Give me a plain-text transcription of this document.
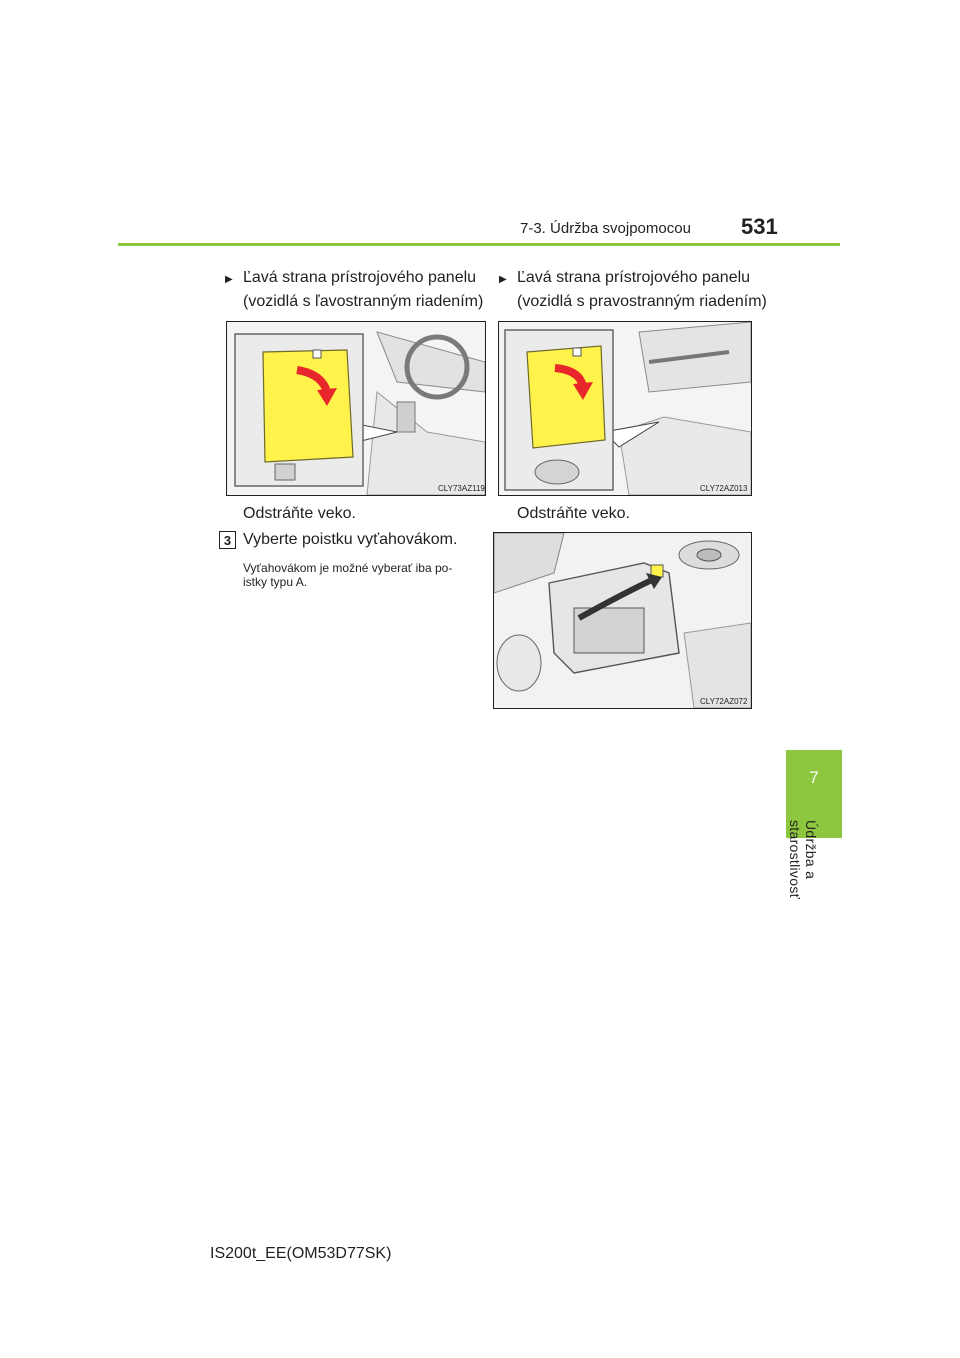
7-3. Údržba svojpomocou 531
7
Údržba a starostlivosť
▶ Ľavá strana prístrojového panelu
(vozidlá s ľavostranným riadením)
▶ Ľavá strana prístrojového panelu
(vozidlá s pravostranným riadením)
CLY73AZ119	CLY72AZ013
Odstráňte veko.	Odstráňte veko.
3 Vyberte poistku vyťahovákom.
Vyťahovákom je možné vyberať iba po-
istky typu A.
CLY72AZ072
IS200t_EE(OM53D77SK)
